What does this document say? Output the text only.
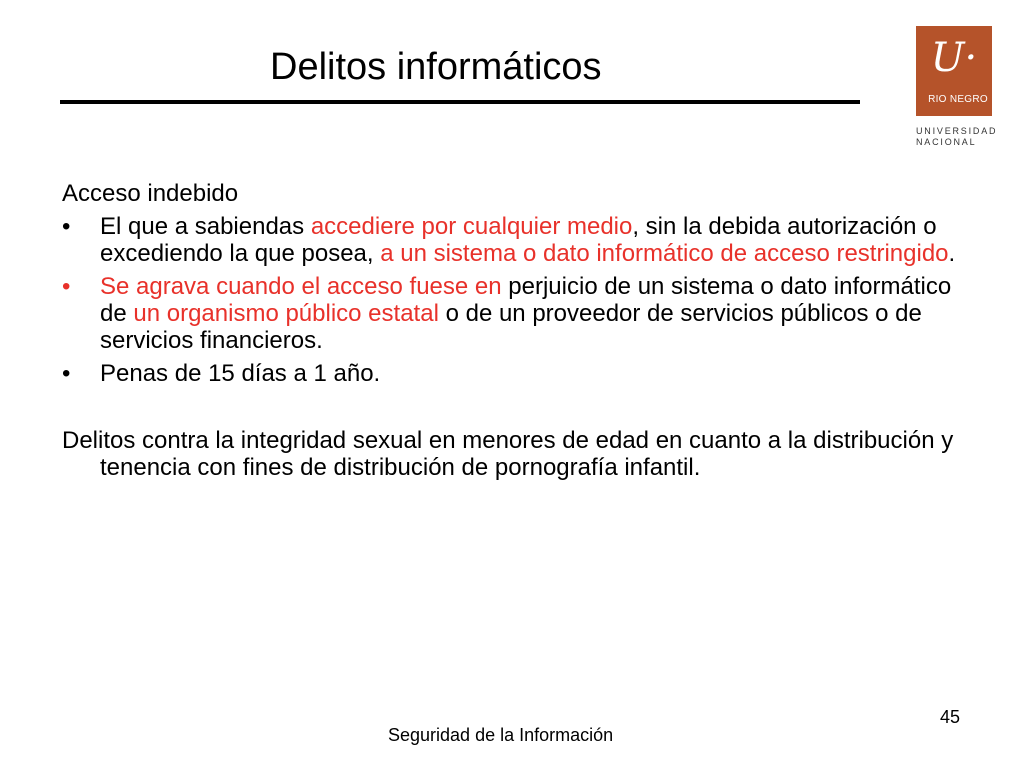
Delitos informáticos	U·
RIO NEGRO
UNIVERSIDAD
NACIONAL

Acceso indebido

• El que a sabiendas accediere por cualquier medio, sin la debida autorización o excediendo la que posea, a un sistema o dato informático de acceso restringido.
• Se agrava cuando el acceso fuese en perjuicio de un sistema o dato informático de un organismo público estatal o de un proveedor de servicios públicos o de servicios financieros.
• Penas de 15 días a 1 año.

Delitos contra la integridad sexual en menores de edad en cuanto a la distribución y tenencia con fines de distribución de pornografía infantil.

45
Seguridad de la Información
